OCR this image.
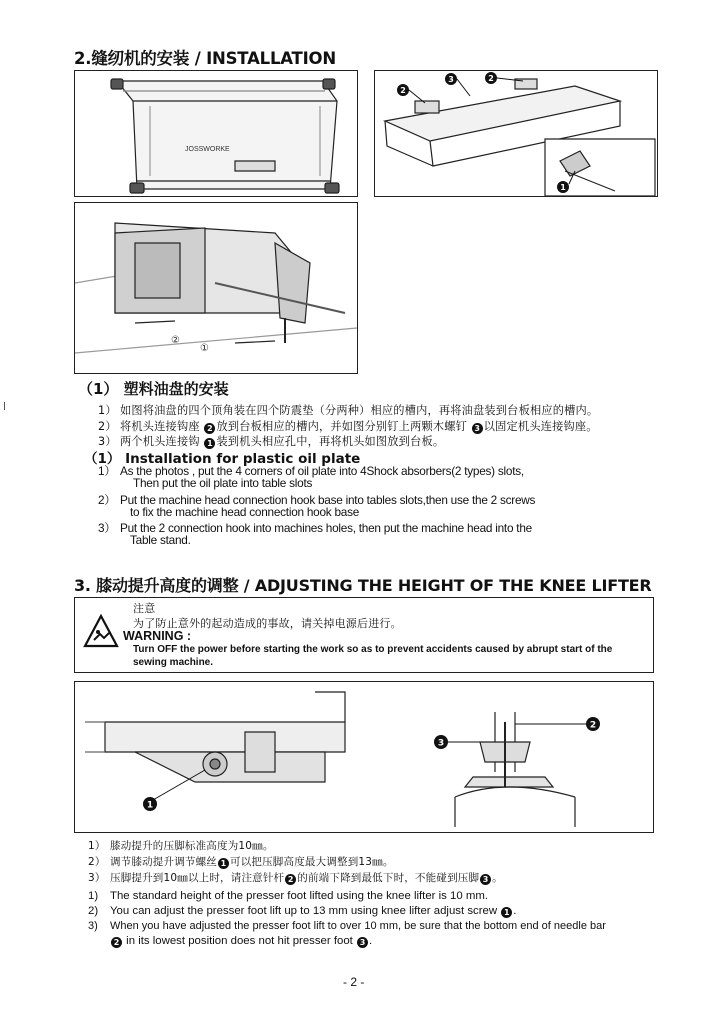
2.缝纫机的安装 / INSTALLATION
JOSSWORKE
2
3	2
1
②
①
（1） 塑料油盘的安装
1） 如图将油盘的四个顶角装在四个防震垫（分两种）相应的槽内，再将油盘装到台板相应的槽内。
2） 将机头连接钩座 2 放到台板相应的槽内，并如图分别钉上两颗木螺钉 3 以固定机头连接钩座。
3） 两个机头连接钩 1 装到机头相应孔中，再将机头如图放到台板。
（1） Installation for plastic oil plate
1） As the photos , put the 4 corners of oil plate into 4Shock absorbers(2 types) slots,
Then put the oil plate into table slots
2） Put the machine head connection hook base into tables slots,then use the 2 screws
to fix the machine head connection hook base
3） Put the 2 connection hook into machines holes, then put the machine head into the
Table stand.
3. 膝动提升高度的调整 / ADJUSTING THE HEIGHT OF THE KNEE LIFTER
注意
为了防止意外的起动造成的事故，请关掉电源后进行。
WARNING :
Turn OFF the power before starting the work so as to prevent accidents caused by abrupt start of the
sewing machine.
1
3
2
1） 膝动提升的压脚标准高度为10㎜。
2） 调节膝动提升调节螺丝 1 可以把压脚高度最大调整到13㎜。
3） 压脚提升到10㎜以上时，请注意针杆 2 的前端下降到最低下时，不能碰到压脚 3 。
1) The standard height of the presser foot lifted using the knee lifter is 10 mm.
2) You can adjust the presser foot lift up to 13 mm using knee lifter adjust screw 1 .
3) When you have adjusted the presser foot lift to over 10 mm, be sure that the bottom end of needle bar
2 in its lowest position does not hit presser foot 3 .
- 2 -
